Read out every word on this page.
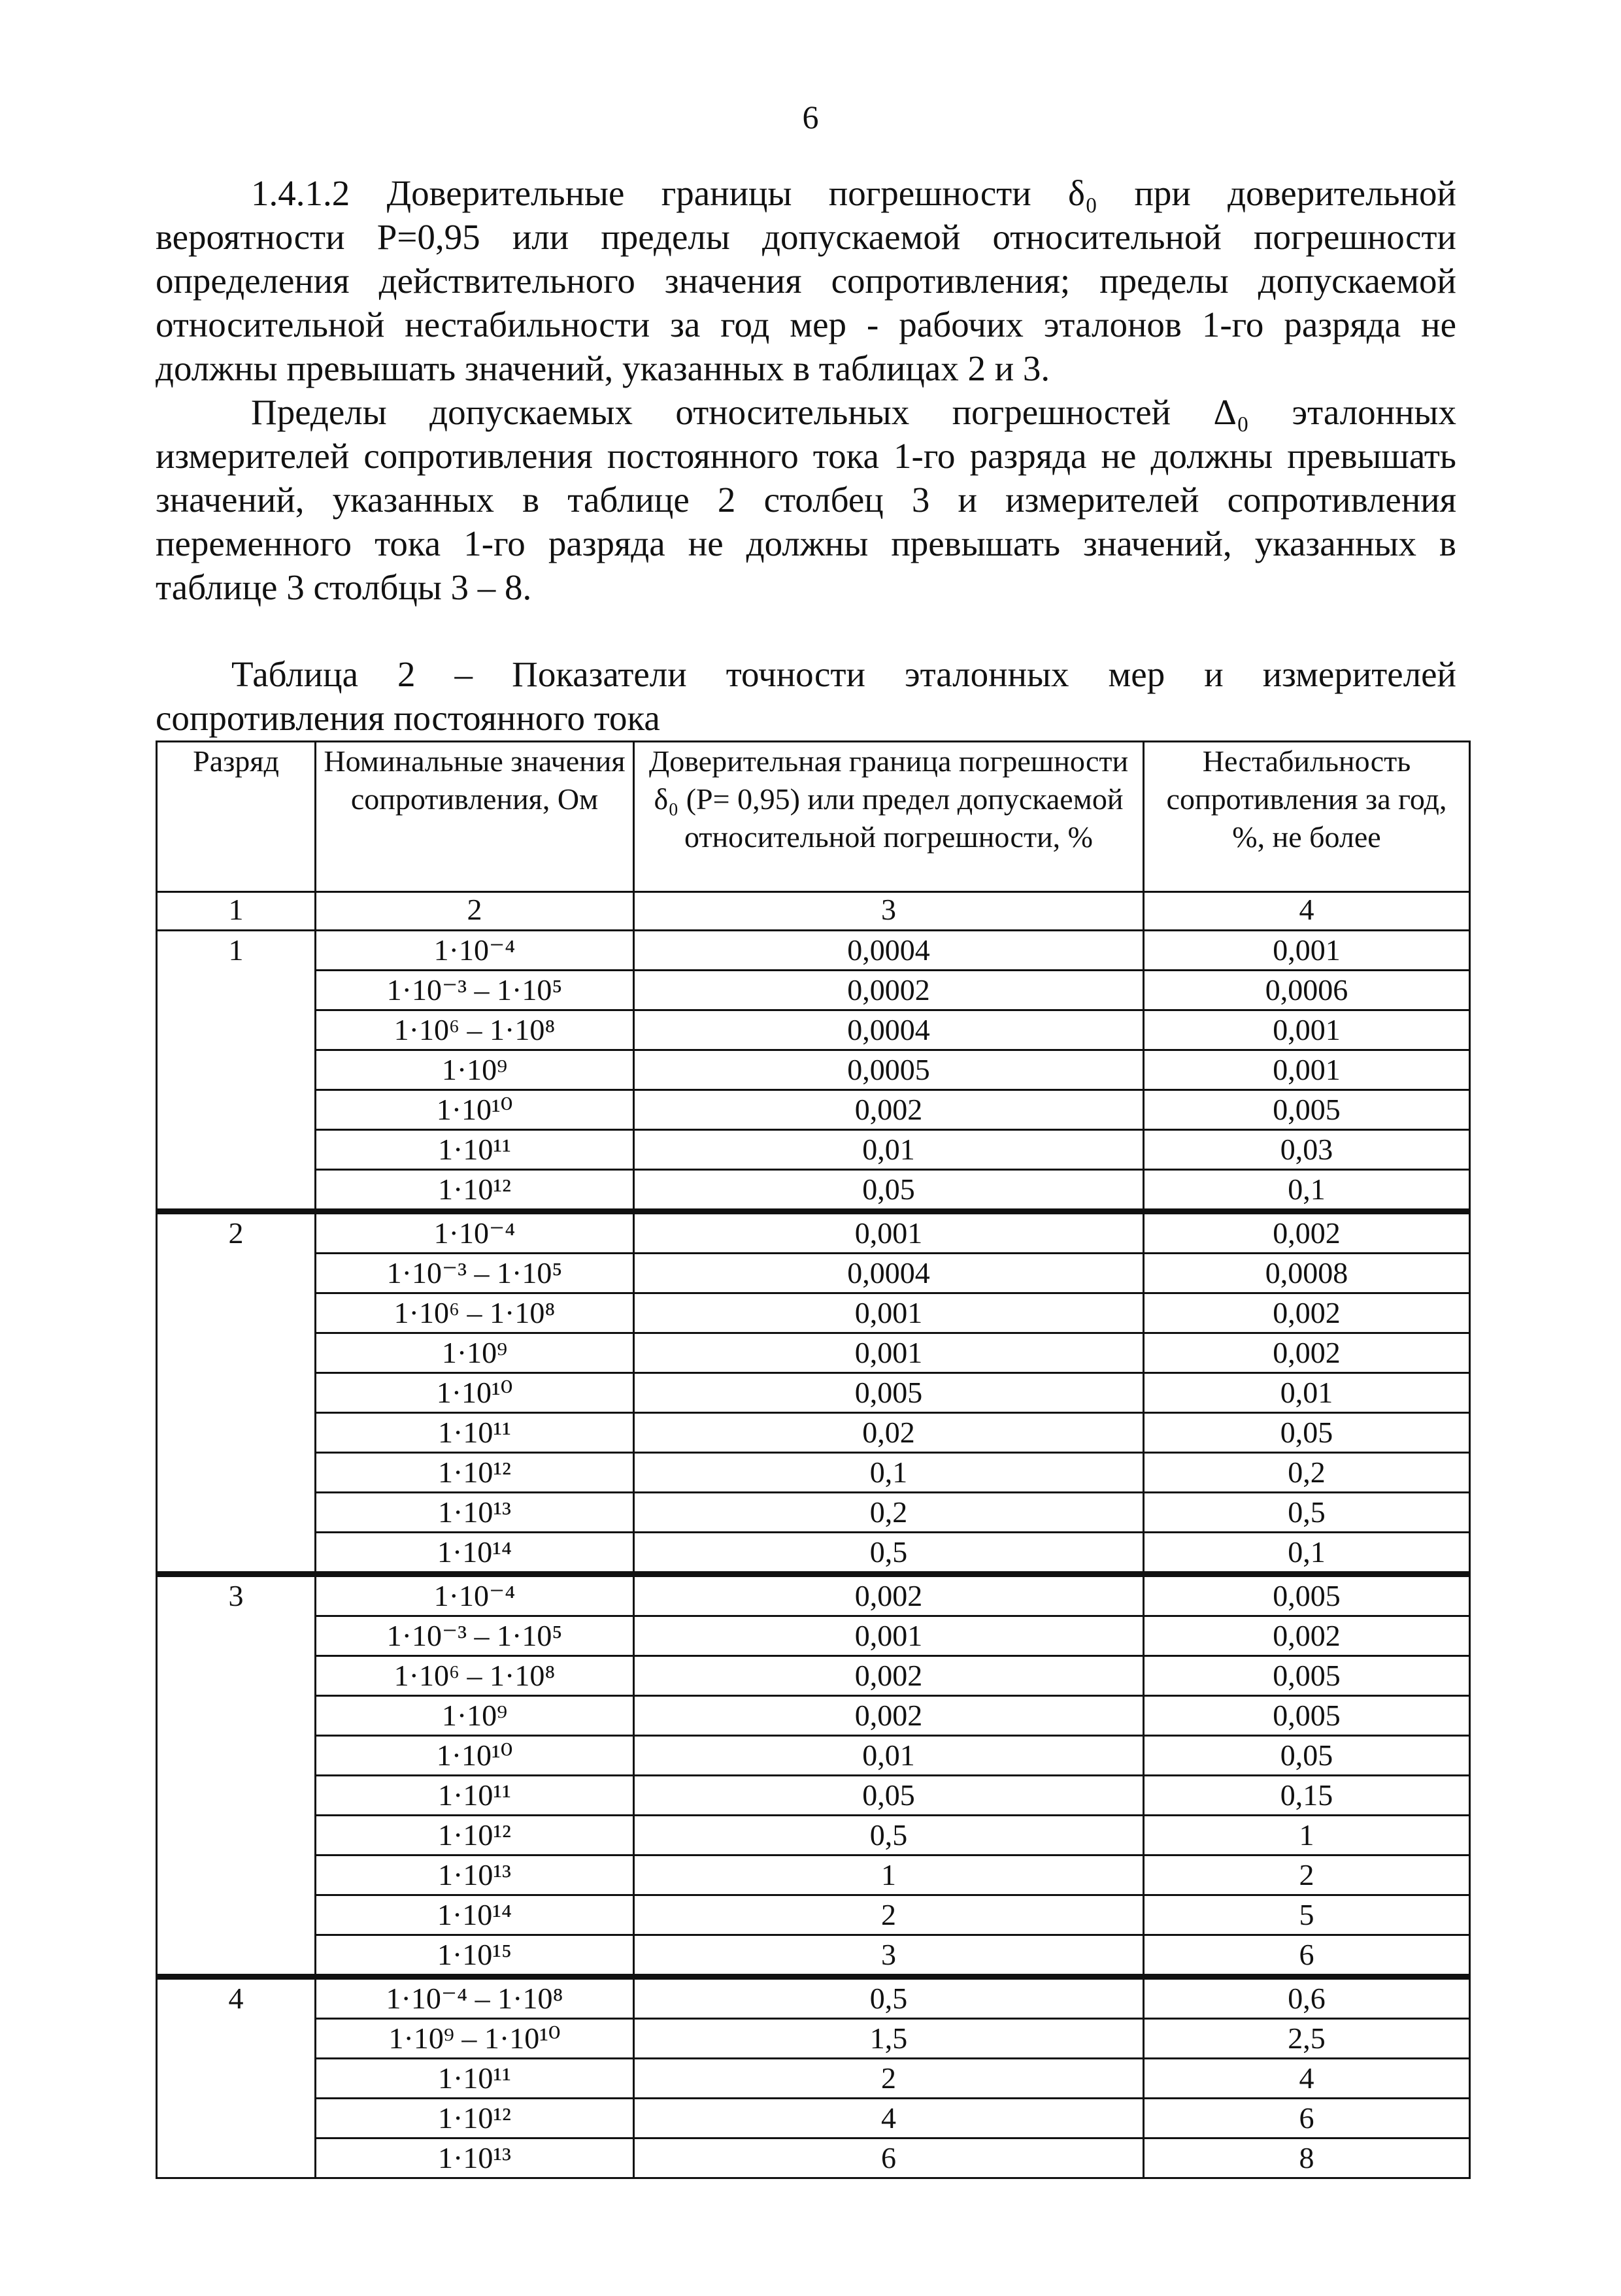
6

1.4.1.2 Доверительные границы погрешности δ₀ при доверительной вероятности Р=0,95 или пределы допускаемой относительной погрешности определения действительного значения сопротивления; пределы допускаемой относительной нестабильности за год мер - рабочих эталонов 1-го разряда не должны превышать значений, указанных в таблицах 2 и 3.

Пределы допускаемых относительных погрешностей Δ₀ эталонных измерителей сопротивления постоянного тока 1-го разряда не должны превышать значений, указанных в таблице 2 столбец 3 и измерителей сопротивления переменного тока 1-го разряда не должны превышать значений, указанных в таблице 3 столбцы 3 – 8.

Таблица 2 – Показатели точности эталонных мер и измерителей
сопротивления постоянного тока
Разряд	Номинальные значения сопротивления, Ом	Доверительная граница погрешности δ₀ (Р= 0,95) или предел допускаемой относительной погрешности, %	Нестабильность сопротивления за год, %, не более
1	2	3	4
1	1·10⁻⁴	0,0004	0,001
	1·10⁻³ – 1·10⁵	0,0002	0,0006
	1·10⁶ – 1·10⁸	0,0004	0,001
	1·10⁹	0,0005	0,001
	1·10¹⁰	0,002	0,005
	1·10¹¹	0,01	0,03
	1·10¹²	0,05	0,1
2	1·10⁻⁴	0,001	0,002
	1·10⁻³ – 1·10⁵	0,0004	0,0008
	1·10⁶ – 1·10⁸	0,001	0,002
	1·10⁹	0,001	0,002
	1·10¹⁰	0,005	0,01
	1·10¹¹	0,02	0,05
	1·10¹²	0,1	0,2
	1·10¹³	0,2	0,5
	1·10¹⁴	0,5	0,1
3	1·10⁻⁴	0,002	0,005
	1·10⁻³ – 1·10⁵	0,001	0,002
	1·10⁶ – 1·10⁸	0,002	0,005
	1·10⁹	0,002	0,005
	1·10¹⁰	0,01	0,05
	1·10¹¹	0,05	0,15
	1·10¹²	0,5	1
	1·10¹³	1	2
	1·10¹⁴	2	5
	1·10¹⁵	3	6
4	1·10⁻⁴ – 1·10⁸	0,5	0,6
	1·10⁹ – 1·10¹⁰	1,5	2,5
	1·10¹¹	2	4
	1·10¹²	4	6
	1·10¹³	6	8
